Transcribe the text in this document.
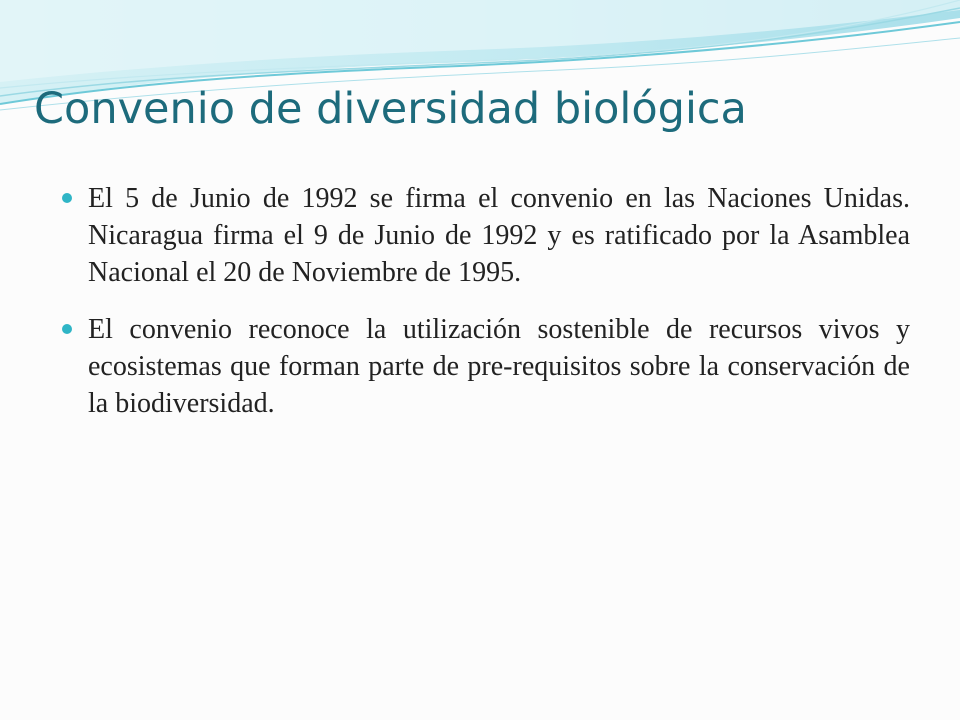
Convenio de diversidad biológica
El 5 de Junio de 1992 se firma el convenio en las Naciones Unidas. Nicaragua firma el 9 de Junio de 1992 y es ratificado por la Asamblea Nacional el 20 de Noviembre de 1995.
El convenio reconoce la utilización sostenible de recursos vivos y ecosistemas que forman parte de pre-requisitos sobre la conservación de la biodiversidad.
